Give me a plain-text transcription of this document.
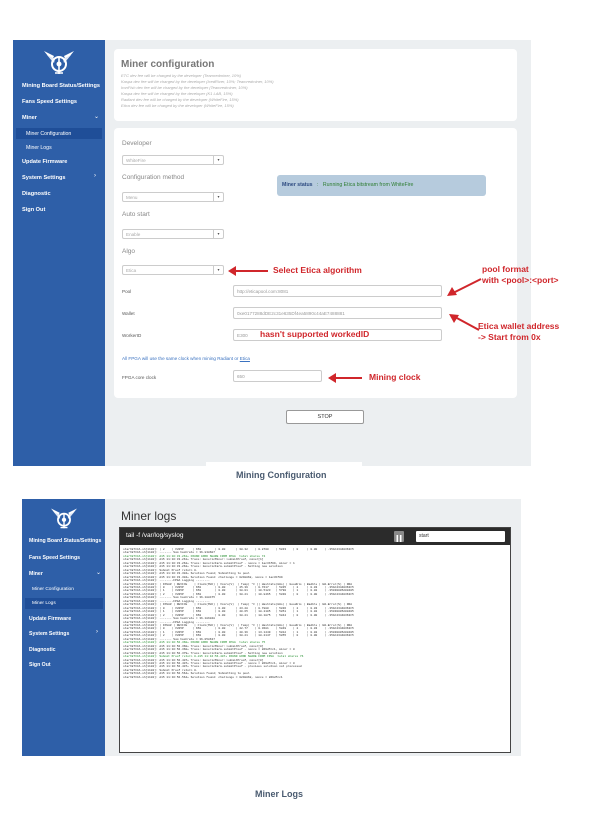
Mining Board Status/Settings
Fans Speed Settings
Miner	⌄
Miner Configuration
Miner Logs
Update Firmware
System Settings	›
Diagnostic
Sign Out
Miner configuration
ETC dev fee will be charged by the developer (Teamredminer, 10%)
Kaspa dev fee will be charged by the developer (IcedRiver, 10%; Teamredminer, 10%)
IronFish dev fee will be charged by the developer (Teamredminer, 10%)
Kaspa dev fee will be charged by the developer (K1 LAB, 15%)
Radiant dev fee will be charged by the developer (WhiteFire, 15%)
Etica dev fee will be charged by the developer (WhiteFire, 15%)
Developer
WhiteFire	▾
Configuration method
Menu	▾
Auto start
Enable	▾
Algo
Etica	▾
Pool	http://eticapool.com:8081
Wallet	0xe0177288dDE2c31e635Df4ea5890c44aE7488881
WorkerID	E300
All FPGA will use the same clock when mining Radiant or Etica
FPGA core clock	650
Miner status : Running Etica bitstream from WhiteFire
STOP
Select Etica algorithm	pool format
with <pool>:<port>
Etica wallet address
-> Start from 0x
hasn't supported workedID
Mining clock
Mining Configuration
Mining Board Status/Settings
Fans Speed Settings
Miner	⌄
Miner Configuration
Miner Logs
Update Firmware
System Settings	›
Diagnostic
Sign Out
Miner logs
tail -f /var/log/syslog	start
startETICA.sh[1102]: | 2    | VU35P     | 650        | 0.00      | 38.32    | 0.8700    | 5833    | 0     | 0.00    | .35AC43440363C5
startETICA.sh[1102]: ------- Sum hashrate = 36.838607
startETICA.sh[1102]: d15 11:16:33.261+ FOUND GOOD SHARE FROM FPGA  total shares 74
startETICA.sh[1102]: d15 11:16:33.261+ Trace: GenericMiner::submitProof, miner[1]
startETICA.sh[1102]: d15 11:16:33.262+ Trace: GenericFarm.submitProof - nonce = 1ac3bf09, miner = 1
startETICA.sh[1102]: d15 11:16:33.262+ Trace: GenericFarm.submitProof - Setting new solution
startETICA.sh[1102]: Submit Proof return 0.
startETICA.sh[1102]: d15 11:16:33.304+ Solution found; Submitting to pool
startETICA.sh[1102]: d15 11:16:33.304+ Solution found: challenge = 0248868, nonce = 1ac3bf09
startETICA.sh[1102]: --------FPGA Logging --------
startETICA.sh[1102]: | FPGA# | DEVICE    | Clock(MHz) | Vcore(V)  | Temp( °C )| Hashrate(GHs) | Goodbls | Badbls | HW-Error(%) | DNA
startETICA.sh[1102]: | 0    | VU35P     | 650        | 0.00      | 45.39    | 0.7617    | 5835    | 2     | 0.03    | .35AC43440363C5
startETICA.sh[1102]: | 1    | VU35P     | 650        | 0.00      | 38.01    | 10.5123   | 5790    | 1     | 0.02    | .35030005200405
startETICA.sh[1102]: | 2    | VU35P     | 650        | 0.00      | 38.21    | 10.8465   | 5830    | 0     | 0.00    | .35AC43440363C5
startETICA.sh[1102]: ------- Sum hashrate = 36.188475
startETICA.sh[1102]: --------FPGA Logging --------
startETICA.sh[1102]: | FPGA# | DEVICE    | Clock(MHz) | Vcore(V)  | Temp( °C )| Hashrate(GHs) | Goodbls | Badbls | HW-Error(%) | DNA
startETICA.sh[1102]: | 0    | VU35P     | 650        | 0.00      | 43.28    | 0.7880    | 5836    | 2     | 0.03    | .35AC43440363C5
startETICA.sh[1102]: | 1    | VU35P     | 650        | 0.00      | 40.65    | 18.2105   | 5851    | 1     | 0.02    | .35030005200405
startETICA.sh[1102]: | 2    | VU35P     | 650        | 0.00      | 38.21    | 18.1875   | 5844    | 0     | 0.00    | .35AC43440363C5
startETICA.sh[1102]: ------- Sum hashrate = 36.186048
startETICA.sh[1102]: --------FPGA Logging --------
startETICA.sh[1102]: | FPGA# | DEVICE    | Clock(MHz) | Vcore(V)  | Temp( °C )| Hashrate(GHs) | Goodbls | Badbls | HW-Error(%) | DNA
startETICA.sh[1102]: | 0    | VU35P     | 650        | 0.00      | 42.77    | 0.3681    | 5849    | 2     | 0.03    | .35AC43440363C5
startETICA.sh[1102]: | 1    | VU35P     | 650        | 0.00      | 40.36    | 13.1449   | 5812    | 1     | 0.02    | .35030005200405
startETICA.sh[1102]: | 2    | VU35P     | 650        | 0.00      | 38.21    | 18.2147   | 5855    | 0     | 0.00    | .35AC43440363C5
startETICA.sh[1102]: ------- Sum hashrate = 36.058637
startETICA.sh[1102]: d15 11:16:56.360+ FOUND GOOD SHARE FROM FPGA  total shares 75
startETICA.sh[1102]: d15 11:16:56.360+ Trace: GenericMiner::submitProof, miner[0]
startETICA.sh[1102]: d15 11:16:56.360+ Trace: GenericFarm.submitProof - nonce = 869dfcc1, miner = 0
startETICA.sh[1102]: d15 11:16:56.379+ Trace: GenericFarm.submitProof - Setting new solution
startETICA.sh[1102]: Submit Proof return 0.d15 11:16:56.407+ FOUND GOOD SHARE FROM FPGA  total shares 76
startETICA.sh[1102]: d15 11:16:56.407+ Trace: GenericMiner::submitProof, miner[0]
startETICA.sh[1102]: d15 11:16:56.407+ Trace: GenericFarm.submitProof - nonce = 869dfcc1, miner = 0
startETICA.sh[1102]: d15 11:16:56.407+ Trace: GenericFarm.submitProof - previous solution not processed
startETICA.sh[1102]: Submit Proof return 0.
startETICA.sh[1102]: d15 11:16:56.564+ Solution found; Submitting to pool
startETICA.sh[1102]: d15 11:16:56.564+ Solution found: challenge = 0248868, nonce = 869dfcc1
Miner Logs
